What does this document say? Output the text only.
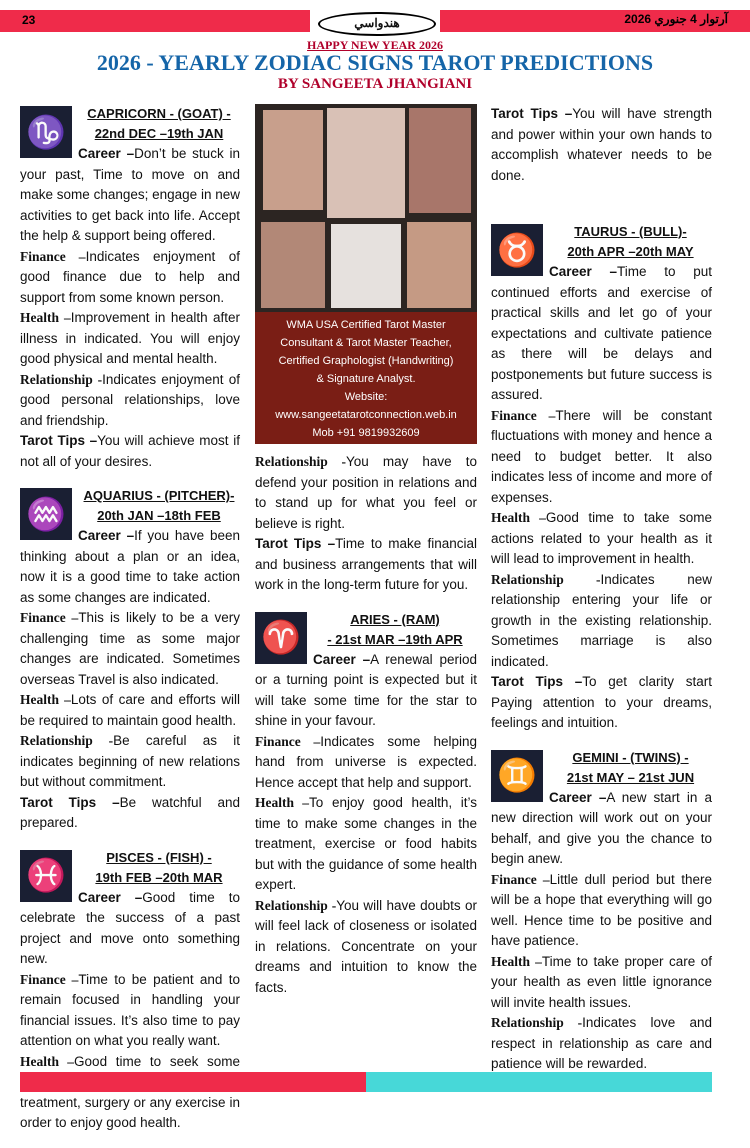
23	هندواسي	آرتوار 4 جنوري 2026
HAPPY NEW YEAR 2026
2026 - YEARLY ZODIAC SIGNS TAROT PREDICTIONS
BY SANGEETA JHANGIANI
♑
CAPRICORN - (GOAT) -
22nd DEC –19th JAN

Career –Don’t be stuck in your past, Time to move on and make some changes; engage in new activities to get back into life. Accept the help & support being offered.

Finance –Indicates enjoyment of good finance due to help and support from some known person.

Health –Improvement in health after illness in indicated. You will enjoy good physical and mental health.

Relationship -Indicates enjoyment of good personal relationships, love and friendship.

Tarot Tips –You will achieve most if not all of your desires.

♒
AQUARIUS - (PITCHER)-
20th JAN –18th FEB

Career –If you have been thinking about a plan or an idea, now it is a good time to take action as some changes are indicated.

Finance –This is likely to be a very challenging time as some major changes are indicated. Sometimes overseas Travel is also indicated.

Health –Lots of care and efforts will be required to maintain good health.

Relationship -Be careful as it indicates beginning of new relations but without commitment.

Tarot Tips –Be watchful and prepared.

♓
PISCES - (FISH) -
19th FEB –20th MAR

Career –Good time to celebrate the success of a past project and move onto something new.

Finance –Time to be patient and to remain focused in handling your financial issues. It’s also time to pay attention on what you really want.

Health –Good time to seek some treatment, surgery or any exercise in order to enjoy good health.

WMA USA Certified Tarot Master
Consultant & Tarot Master Teacher,
Certified Graphologist (Handwriting)
& Signature Analyst.
Website:
www.sangeetatarotconnection.web.in
Mob +91 9819932609

Relationship -You may have to defend your position in relations and to stand up for what you feel or believe is right.

Tarot Tips –Time to make financial and business arrangements that will work in the long-term future for you.

♈
ARIES - (RAM)
- 21st MAR –19th APR

Career –A renewal period or a turning point is expected but it will take some time for the star to shine in your favour.

Finance –Indicates some helping hand from universe is expected. Hence accept that help and support.

Health –To enjoy good health, it’s time to make some changes in the treatment, exercise or food habits but with the guidance of some health expert.

Relationship -You will have doubts or will feel lack of closeness or isolated in relations. Concentrate on your dreams and intuition to know the facts.

Tarot Tips –You will have strength and power within your own hands to accomplish whatever needs to be done.

♉
TAURUS - (BULL)-
20th APR –20th MAY

Career –Time to put continued efforts and exercise of practical skills and let go of your expectations and cultivate patience as there will be delays and postponements but future success is assured.

Finance –There will be constant fluctuations with money and hence a need to budget better. It also indicates less of income and more of expenses.

Health –Good time to take some actions related to your health as it will lead to improvement in health.

Relationship -Indicates new relationship entering your life or growth in the existing relationship. Sometimes marriage is also indicated.

Tarot Tips –To get clarity start Paying attention to your dreams, feelings and intuition.

♊
GEMINI - (TWINS) -
21st MAY – 21st JUN

Career –A new start in a new direction will work out on your behalf, and give you the chance to begin anew.

Finance –Little dull period but there will be a hope that everything will go well. Hence time to be positive and have patience.

Health –Time to take proper care of your health as even little ignorance will invite health issues.

Relationship -Indicates love and respect in relationship as care and patience will be rewarded.
